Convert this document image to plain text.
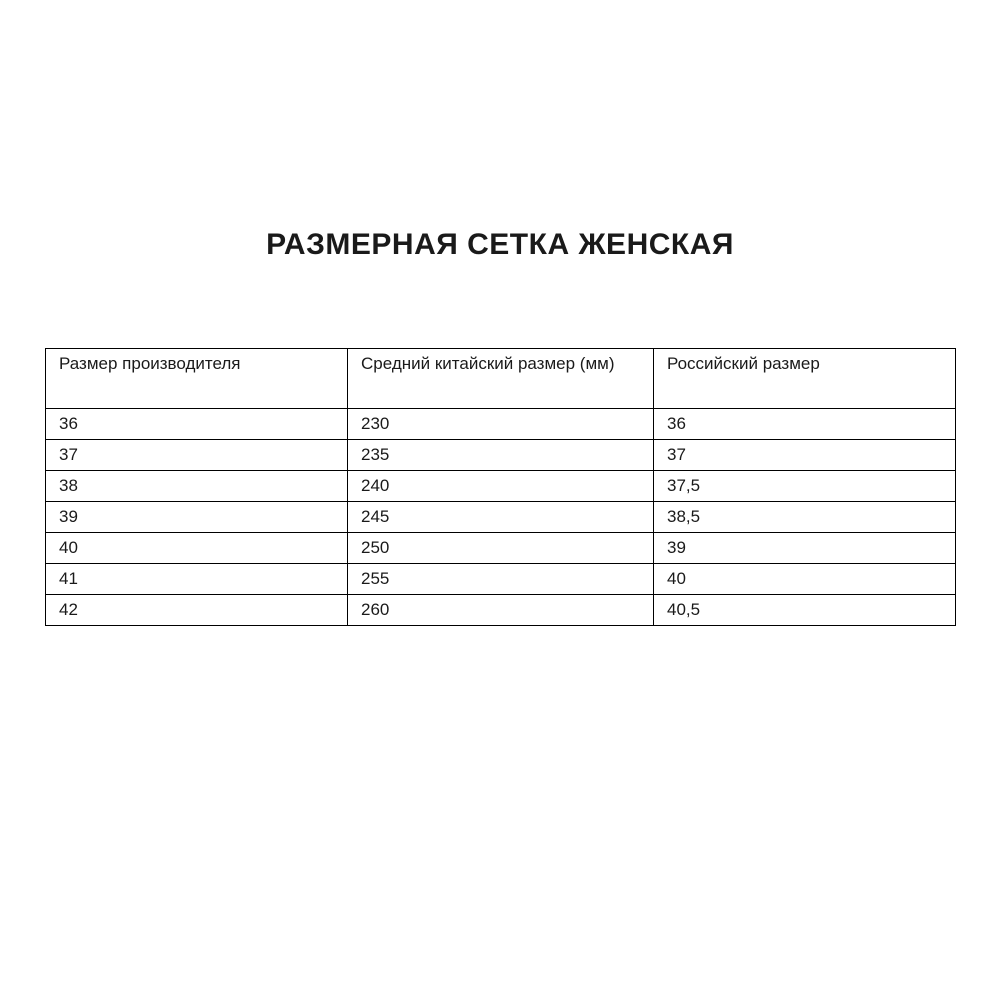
РАЗМЕРНАЯ СЕТКА ЖЕНСКАЯ
Размер производителя	Средний китайский размер (мм)	Российский размер
36	230	36
37	235	37
38	240	37,5
39	245	38,5
40	250	39
41	255	40
42	260	40,5
